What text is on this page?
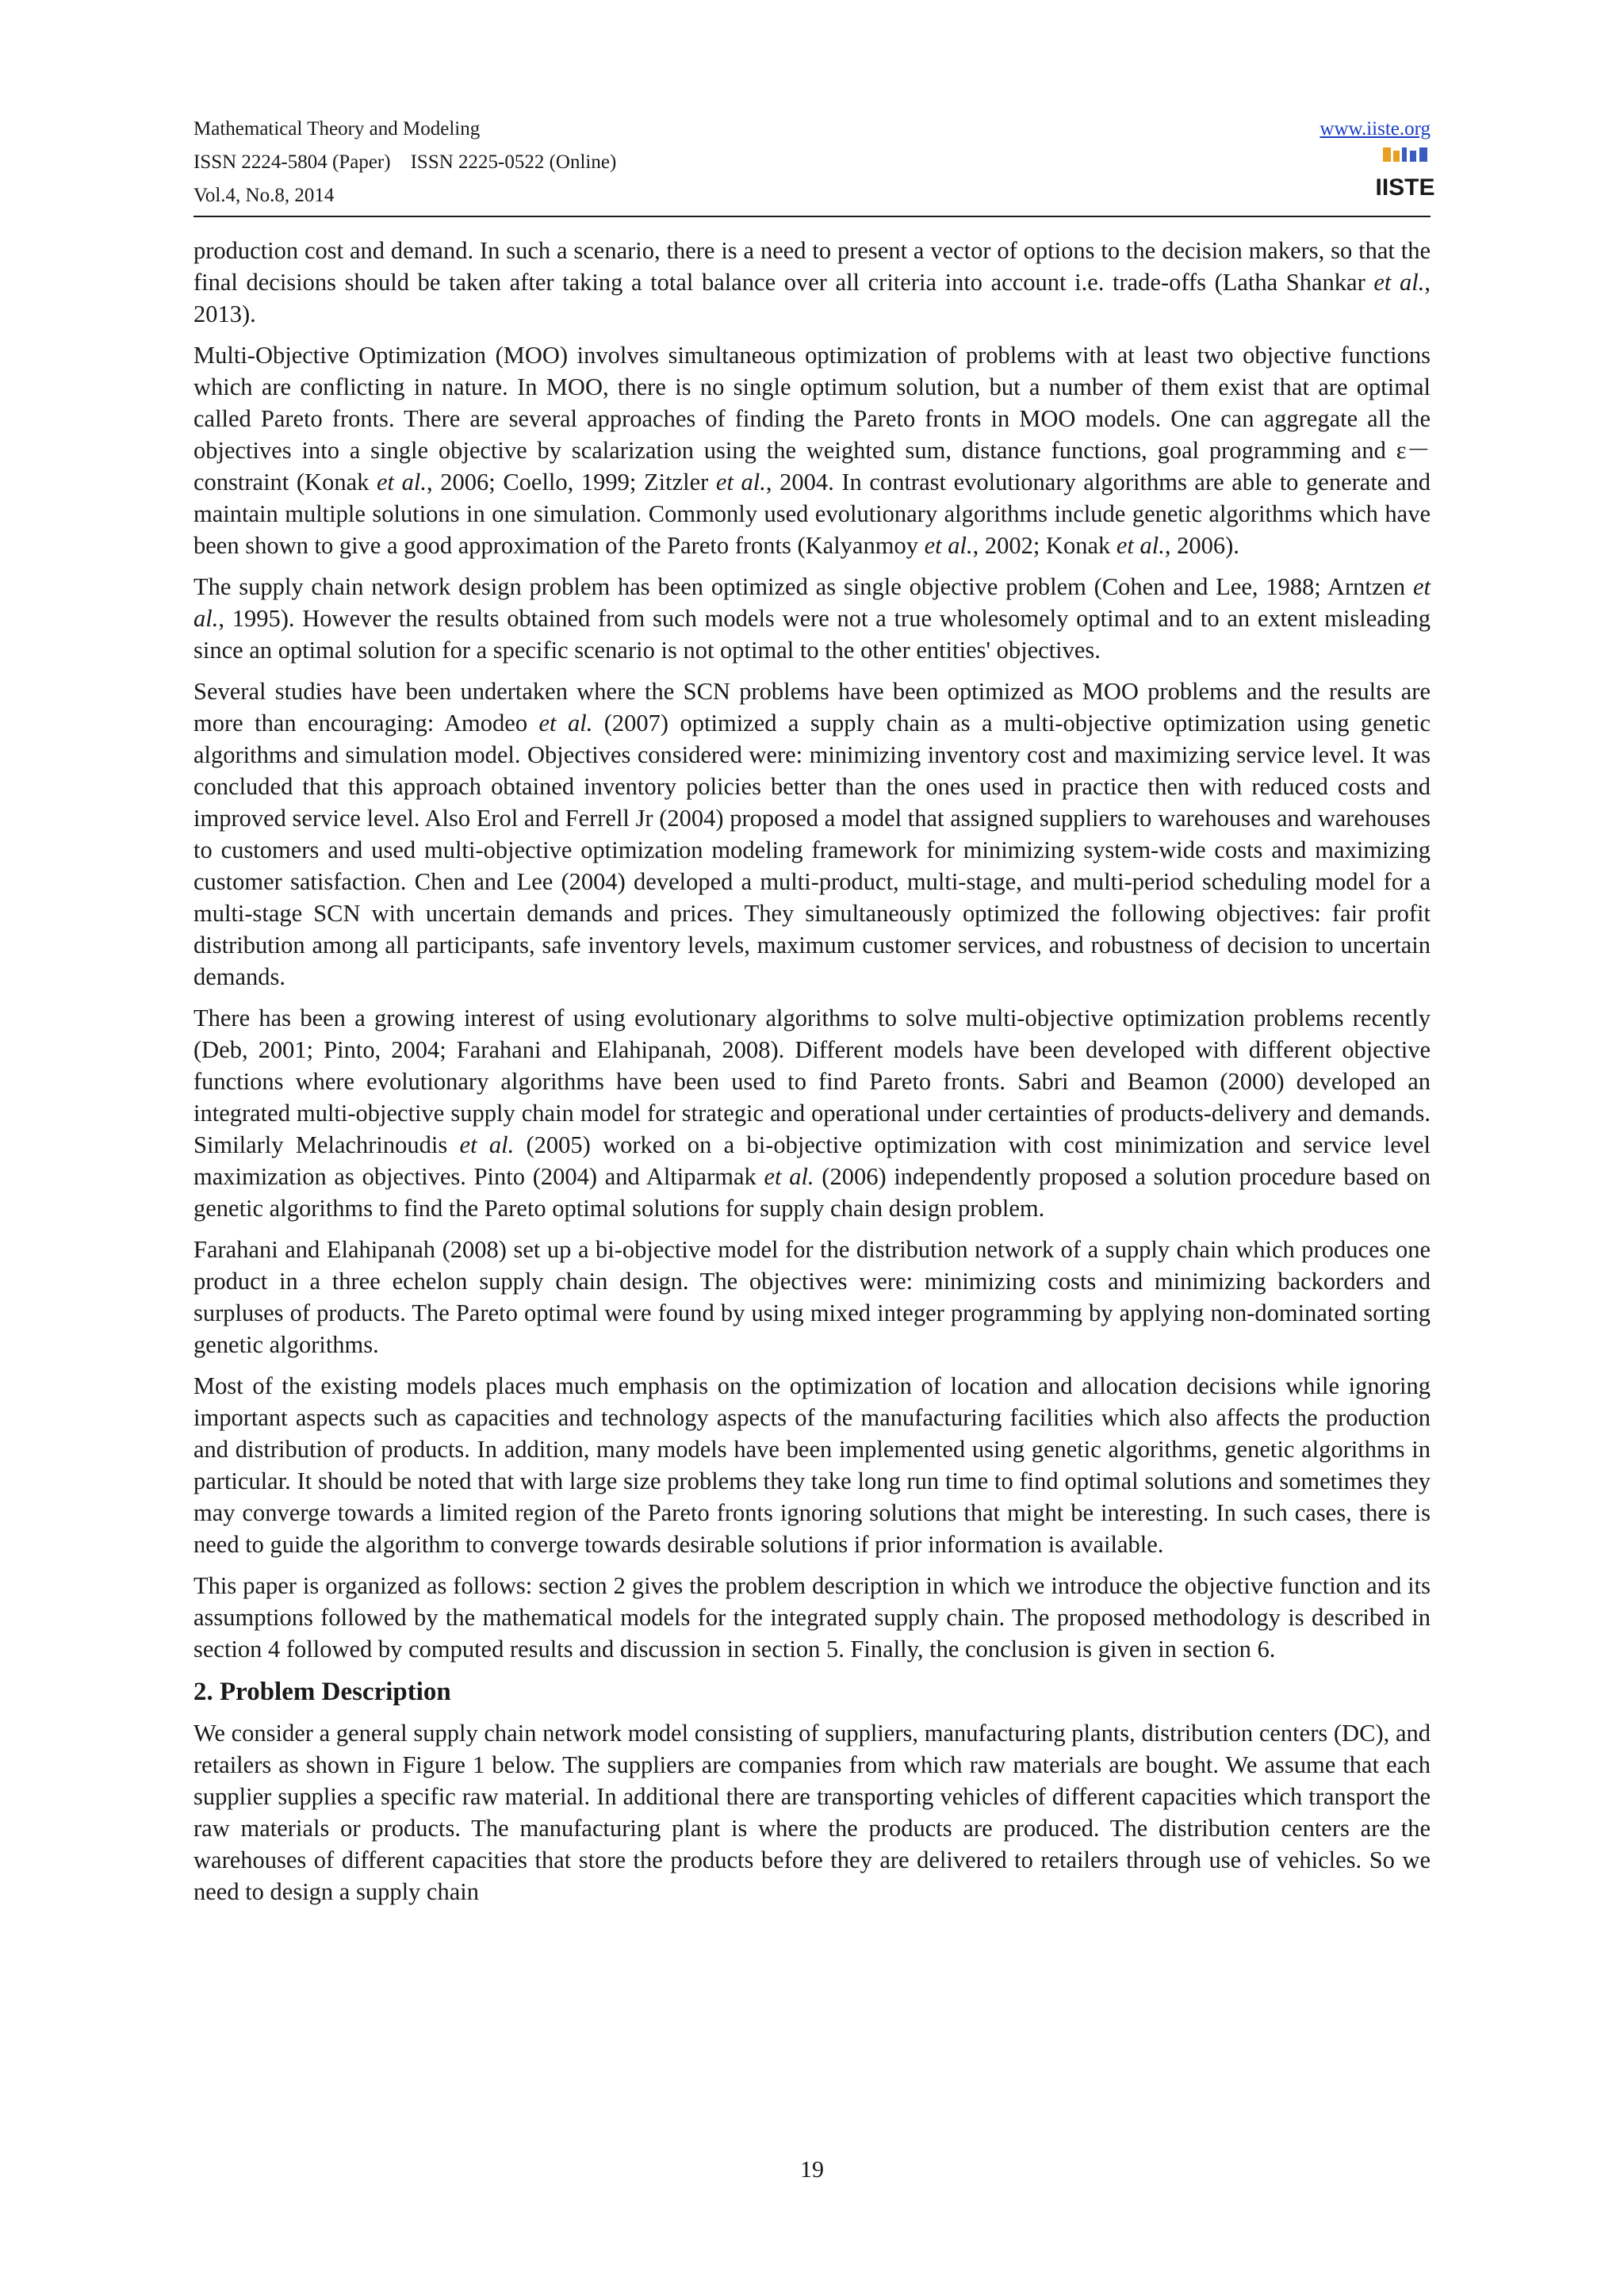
Mathematical Theory and Modeling
ISSN 2224-5804 (Paper)    ISSN 2225-0522 (Online)
Vol.4, No.8, 2014
www.iiste.org
IISTE

production cost and demand. In such a scenario, there is a need to present a vector of options to the decision makers, so that the final decisions should be taken after taking a total balance over all criteria into account i.e. trade-offs (Latha Shankar et al., 2013).

Multi-Objective Optimization (MOO) involves simultaneous optimization of problems with at least two objective functions which are conflicting in nature. In MOO, there is no single optimum solution, but a number of them exist that are optimal called Pareto fronts. There are several approaches of finding the Pareto fronts in MOO models. One can aggregate all the objectives into a single objective by scalarization using the weighted sum, distance functions, goal programming and ε－constraint (Konak et al., 2006; Coello, 1999; Zitzler et al., 2004. In contrast evolutionary algorithms are able to generate and maintain multiple solutions in one simulation. Commonly used evolutionary algorithms include genetic algorithms which have been shown to give a good approximation of the Pareto fronts (Kalyanmoy et al., 2002; Konak et al., 2006).

The supply chain network design problem has been optimized as single objective problem (Cohen and Lee, 1988; Arntzen et al., 1995). However the results obtained from such models were not a true wholesomely optimal and to an extent misleading since an optimal solution for a specific scenario is not optimal to the other entities' objectives.

Several studies have been undertaken where the SCN problems have been optimized as MOO problems and the results are more than encouraging: Amodeo et al. (2007) optimized a supply chain as a multi-objective optimization using genetic algorithms and simulation model. Objectives considered were: minimizing inventory cost and maximizing service level. It was concluded that this approach obtained inventory policies better than the ones used in practice then with reduced costs and improved service level. Also Erol and Ferrell Jr (2004) proposed a model that assigned suppliers to warehouses and warehouses to customers and used multi-objective optimization modeling framework for minimizing system-wide costs and maximizing customer satisfaction. Chen and Lee (2004) developed a multi-product, multi-stage, and multi-period scheduling model for a multi-stage SCN with uncertain demands and prices. They simultaneously optimized the following objectives: fair profit distribution among all participants, safe inventory levels, maximum customer services, and robustness of decision to uncertain demands.

There has been a growing interest of using evolutionary algorithms to solve multi-objective optimization problems recently (Deb, 2001; Pinto, 2004; Farahani and Elahipanah, 2008). Different models have been developed with different objective functions where evolutionary algorithms have been used to find Pareto fronts. Sabri and Beamon (2000) developed an integrated multi-objective supply chain model for strategic and operational under certainties of products-delivery and demands. Similarly Melachrinoudis et al. (2005) worked on a bi-objective optimization with cost minimization and service level maximization as objectives. Pinto (2004) and Altiparmak et al. (2006) independently proposed a solution procedure based on genetic algorithms to find the Pareto optimal solutions for supply chain design problem.

Farahani and Elahipanah (2008) set up a bi-objective model for the distribution network of a supply chain which produces one product in a three echelon supply chain design. The objectives were: minimizing costs and minimizing backorders and surpluses of products. The Pareto optimal were found by using mixed integer programming by applying non-dominated sorting genetic algorithms.

Most of the existing models places much emphasis on the optimization of location and allocation decisions while ignoring important aspects such as capacities and technology aspects of the manufacturing facilities which also affects the production and distribution of products. In addition, many models have been implemented using genetic algorithms, genetic algorithms in particular. It should be noted that with large size problems they take long run time to find optimal solutions and sometimes they may converge towards a limited region of the Pareto fronts ignoring solutions that might be interesting. In such cases, there is need to guide the algorithm to converge towards desirable solutions if prior information is available.

This paper is organized as follows: section 2 gives the problem description in which we introduce the objective function and its assumptions followed by the mathematical models for the integrated supply chain. The proposed methodology is described in section 4 followed by computed results and discussion in section 5. Finally, the conclusion is given in section 6.

2. Problem Description

We consider a general supply chain network model consisting of suppliers, manufacturing plants, distribution centers (DC), and retailers as shown in Figure 1 below. The suppliers are companies from which raw materials are bought. We assume that each supplier supplies a specific raw material. In additional there are transporting vehicles of different capacities which transport the raw materials or products. The manufacturing plant is where the products are produced. The distribution centers are the warehouses of different capacities that store the products before they are delivered to retailers through use of vehicles. So we need to design a supply chain

19
